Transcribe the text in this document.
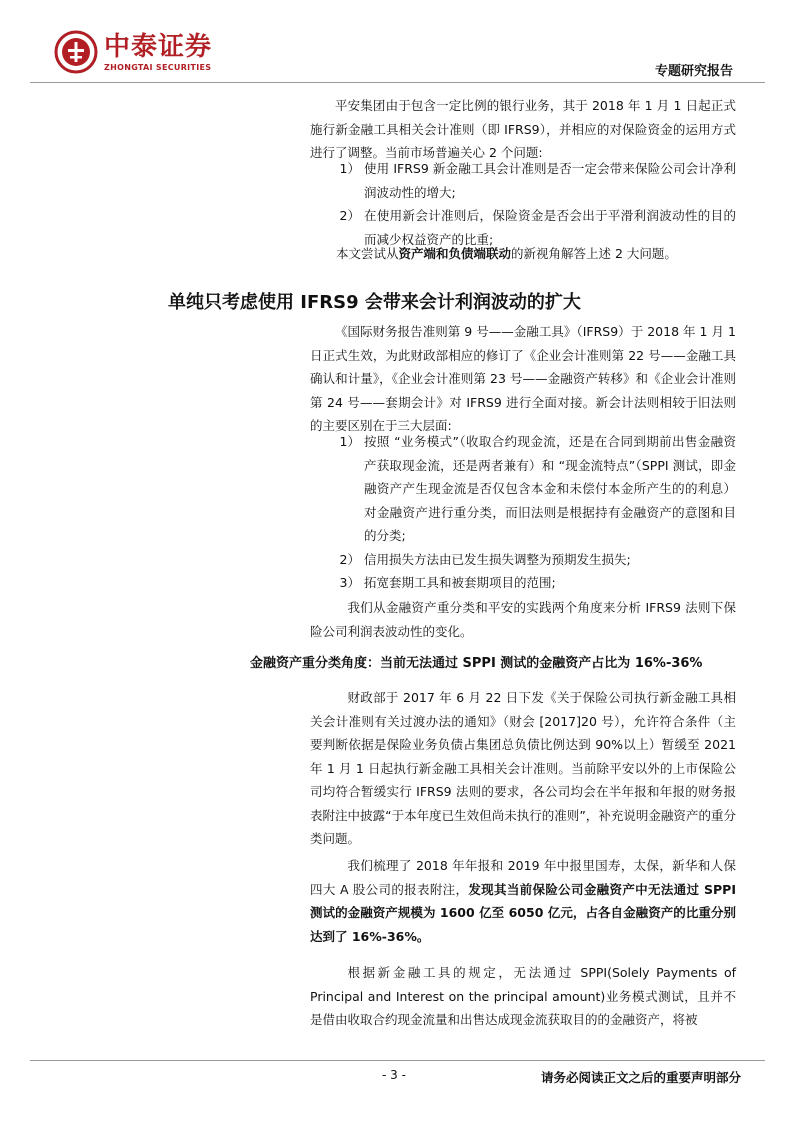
中泰证券
ZHONGTAI SECURITIES	专题研究报告
平安集团由于包含一定比例的银行业务，其于 2018 年 1 月 1 日起正式施行新金融工具相关会计准则（即 IFRS9），并相应的对保险资金的运用方式进行了调整。当前市场普遍关心 2 个问题:
1） 使用 IFRS9 新金融工具会计准则是否一定会带来保险公司会计净利润波动性的增大;
2） 在使用新会计准则后，保险资金是否会出于平滑利润波动性的目的而减少权益资产的比重;
本文尝试从资产端和负债端联动的新视角解答上述 2 大问题。
单纯只考虑使用 IFRS9 会带来会计利润波动的扩大
《国际财务报告准则第 9 号——金融工具》（IFRS9）于 2018 年 1 月 1 日正式生效，为此财政部相应的修订了《企业会计准则第 22 号——金融工具确认和计量》，《企业会计准则第 23 号——金融资产转移》和《企业会计准则第 24 号——套期会计》对 IFRS9 进行全面对接。新会计法则相较于旧法则的主要区别在于三大层面:
1） 按照 “业务模式”（收取合约现金流，还是在合同到期前出售金融资产获取现金流，还是两者兼有）和 “现金流特点”（SPPI 测试，即金融资产产生现金流是否仅包含本金和未偿付本金所产生的的利息）对金融资产进行重分类，而旧法则是根据持有金融资产的意图和目的分类;
2） 信用损失方法由已发生损失调整为预期发生损失;
3） 拓宽套期工具和被套期项目的范围;
我们从金融资产重分类和平安的实践两个角度来分析 IFRS9 法则下保险公司利润表波动性的变化。
金融资产重分类角度：当前无法通过 SPPI 测试的金融资产占比为 16%-36%
财政部于 2017 年 6 月 22 日下发《关于保险公司执行新金融工具相关会计准则有关过渡办法的通知》（财会 [2017]20 号），允许符合条件（主要判断依据是保险业务负债占集团总负债比例达到 90%以上）暂缓至 2021 年 1 月 1 日起执行新金融工具相关会计准则。当前除平安以外的上市保险公司均符合暂缓实行 IFRS9 法则的要求，各公司均会在半年报和年报的财务报表附注中披露“于本年度已生效但尚未执行的准则”，补充说明金融资产的重分类问题。
我们梳理了 2018 年年报和 2019 年中报里国寿，太保，新华和人保四大 A 股公司的报表附注，发现其当前保险公司金融资产中无法通过 SPPI 测试的金融资产规模为 1600 亿至 6050 亿元，占各自金融资产的比重分别达到了 16%-36%。
根据新金融工具的规定，无法通过 SPPI(Solely Payments of Principal and Interest on the principal amount)业务模式测试，且并不是借由收取合约现金流量和出售达成现金流获取目的的金融资产，将被
- 3 -	请务必阅读正文之后的重要声明部分
